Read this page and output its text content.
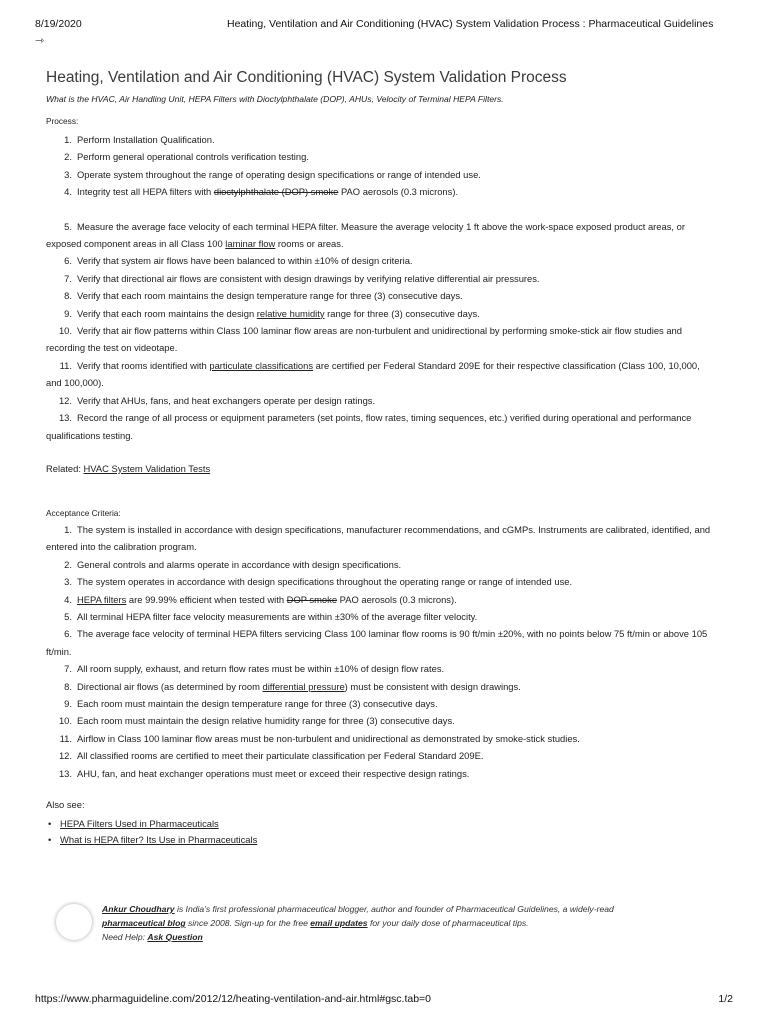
8/19/2020	Heating, Ventilation and Air Conditioning (HVAC) System Validation Process : Pharmaceutical Guidelines
⇾
Heating, Ventilation and Air Conditioning (HVAC) System Validation Process
What is the HVAC, Air Handling Unit, HEPA Filters with Dioctylphthalate (DOP), AHUs, Velocity of Terminal HEPA Filters.
Process:
1. Perform Installation Qualification.
2. Perform general operational controls verification testing.
3. Operate system throughout the range of operating design specifications or range of intended use.
4. Integrity test all HEPA filters with dioctylphthalate (DOP) smoke PAO aerosols (0.3 microns).
5. Measure the average face velocity of each terminal HEPA filter. Measure the average velocity 1 ft above the work-space exposed product areas, or exposed component areas in all Class 100 laminar flow rooms or areas.
6. Verify that system air flows have been balanced to within ±10% of design criteria.
7. Verify that directional air flows are consistent with design drawings by verifying relative differential air pressures.
8. Verify that each room maintains the design temperature range for three (3) consecutive days.
9. Verify that each room maintains the design relative humidity range for three (3) consecutive days.
10. Verify that air flow patterns within Class 100 laminar flow areas are non-turbulent and unidirectional by performing smoke-stick air flow studies and recording the test on videotape.
11. Verify that rooms identified with particulate classifications are certified per Federal Standard 209E for their respective classification (Class 100, 10,000, and 100,000).
12. Verify that AHUs, fans, and heat exchangers operate per design ratings.
13. Record the range of all process or equipment parameters (set points, flow rates, timing sequences, etc.) verified during operational and performance qualifications testing.
Related: HVAC System Validation Tests
Acceptance Criteria:
1. The system is installed in accordance with design specifications, manufacturer recommendations, and cGMPs. Instruments are calibrated, identified, and entered into the calibration program.
2. General controls and alarms operate in accordance with design specifications.
3. The system operates in accordance with design specifications throughout the operating range or range of intended use.
4. HEPA filters are 99.99% efficient when tested with DOP smoke PAO aerosols (0.3 microns).
5. All terminal HEPA filter face velocity measurements are within ±30% of the average filter velocity.
6. The average face velocity of terminal HEPA filters servicing Class 100 laminar flow rooms is 90 ft/min ±20%, with no points below 75 ft/min or above 105 ft/min.
7. All room supply, exhaust, and return flow rates must be within ±10% of design flow rates.
8. Directional air flows (as determined by room differential pressure) must be consistent with design drawings.
9. Each room must maintain the design temperature range for three (3) consecutive days.
10. Each room must maintain the design relative humidity range for three (3) consecutive days.
11. Airflow in Class 100 laminar flow areas must be non-turbulent and unidirectional as demonstrated by smoke-stick studies.
12. All classified rooms are certified to meet their particulate classification per Federal Standard 209E.
13. AHU, fan, and heat exchanger operations must meet or exceed their respective design ratings.
Also see:
• HEPA Filters Used in Pharmaceuticals
• What is HEPA filter? Its Use in Pharmaceuticals
Ankur Choudhary is India's first professional pharmaceutical blogger, author and founder of Pharmaceutical Guidelines, a widely-read
pharmaceutical blog since 2008. Sign-up for the free email updates for your daily dose of pharmaceutical tips.
Need Help: Ask Question
https://www.pharmaguideline.com/2012/12/heating-ventilation-and-air.html#gsc.tab=0	1/2
